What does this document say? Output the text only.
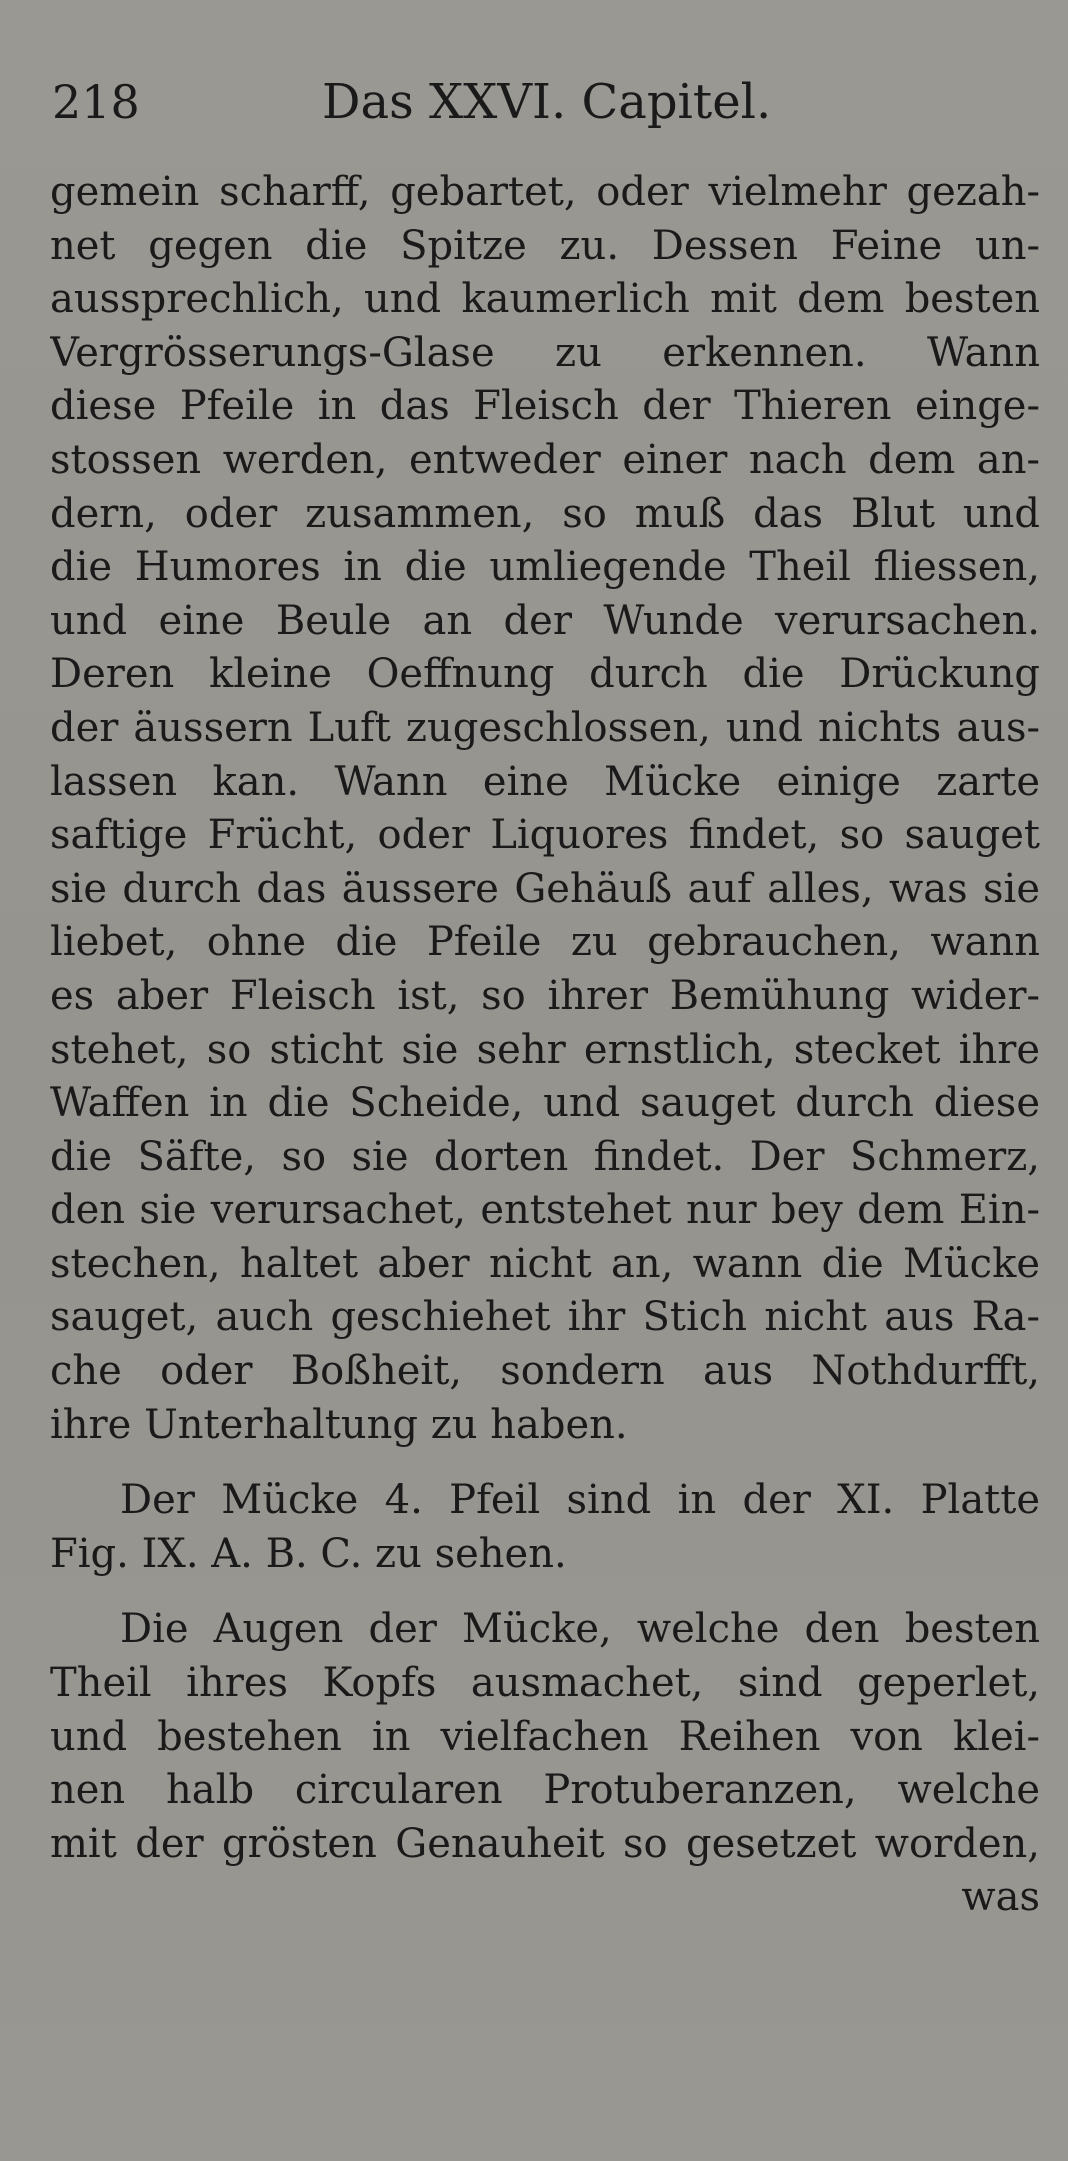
218	Das XXVI. Capitel.
gemein scharff, gebartet, oder vielmehr gezah-
net gegen die Spitze zu. Dessen Feine un-
aussprechlich, und kaumerlich mit dem besten
Vergrösserungs-Glase zu erkennen. Wann
diese Pfeile in das Fleisch der Thieren einge-
stossen werden, entweder einer nach dem an-
dern, oder zusammen, so muß das Blut und
die Humores in die umliegende Theil fliessen,
und eine Beule an der Wunde verursachen.
Deren kleine Oeffnung durch die Drückung
der äussern Luft zugeschlossen, und nichts aus-
lassen kan. Wann eine Mücke einige zarte
saftige Frücht, oder Liquores findet, so sauget
sie durch das äussere Gehäuß auf alles, was sie
liebet, ohne die Pfeile zu gebrauchen, wann
es aber Fleisch ist, so ihrer Bemühung wider-
stehet, so sticht sie sehr ernstlich, stecket ihre
Waffen in die Scheide, und sauget durch diese
die Säfte, so sie dorten findet. Der Schmerz,
den sie verursachet, entstehet nur bey dem Ein-
stechen, haltet aber nicht an, wann die Mücke
sauget, auch geschiehet ihr Stich nicht aus Ra-
che oder Boßheit, sondern aus Nothdurfft,
ihre Unterhaltung zu haben.
Der Mücke 4. Pfeil sind in der XI. Platte
Fig. IX. A. B. C. zu sehen.
Die Augen der Mücke, welche den besten
Theil ihres Kopfs ausmachet, sind geperlet,
und bestehen in vielfachen Reihen von klei-
nen halb circularen Protuberanzen, welche
mit der grösten Genauheit so gesetzet worden,
was
